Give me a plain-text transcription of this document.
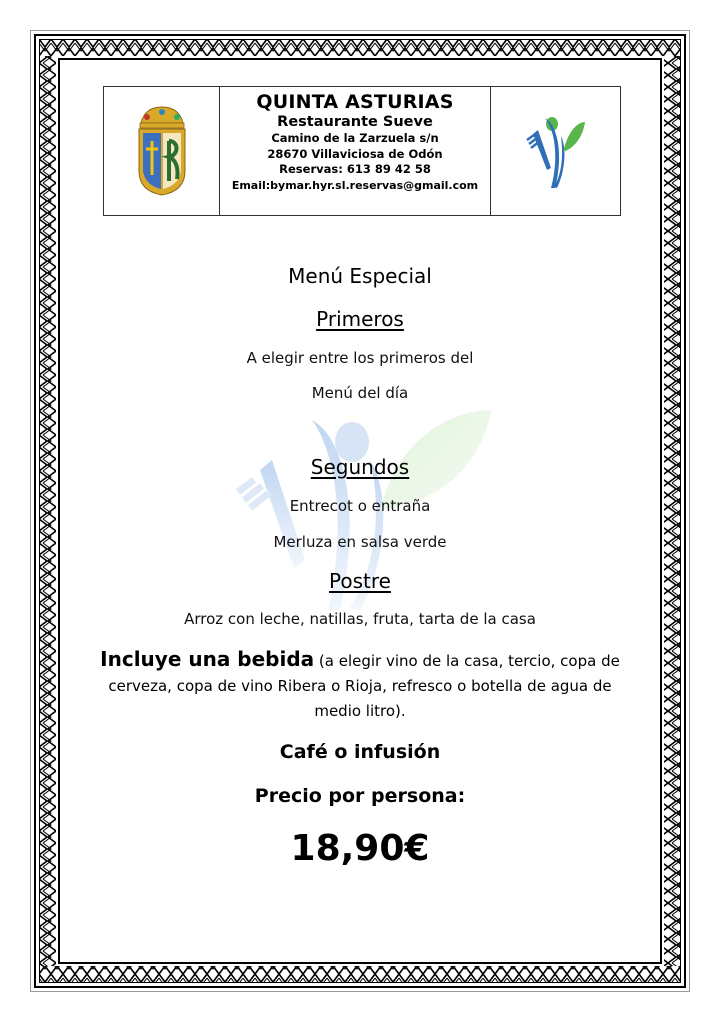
QUINTA ASTURIAS
Restaurante Sueve
Camino de la Zarzuela s/n
28670 Villaviciosa de Odón
Reservas: 613 89 42 58
Email:bymar.hyr.sl.reservas@gmail.com
Menú Especial
Primeros
A elegir entre los primeros del
Menú del día
Segundos
Entrecot o entraña
Merluza en salsa verde
Postre
Arroz con leche, natillas, fruta, tarta de la casa
Incluye una bebida (a elegir vino de la casa, tercio, copa de cerveza, copa de vino Ribera o Rioja, refresco o botella de agua de medio litro).
Café o infusión
Precio por persona:
18,90€
